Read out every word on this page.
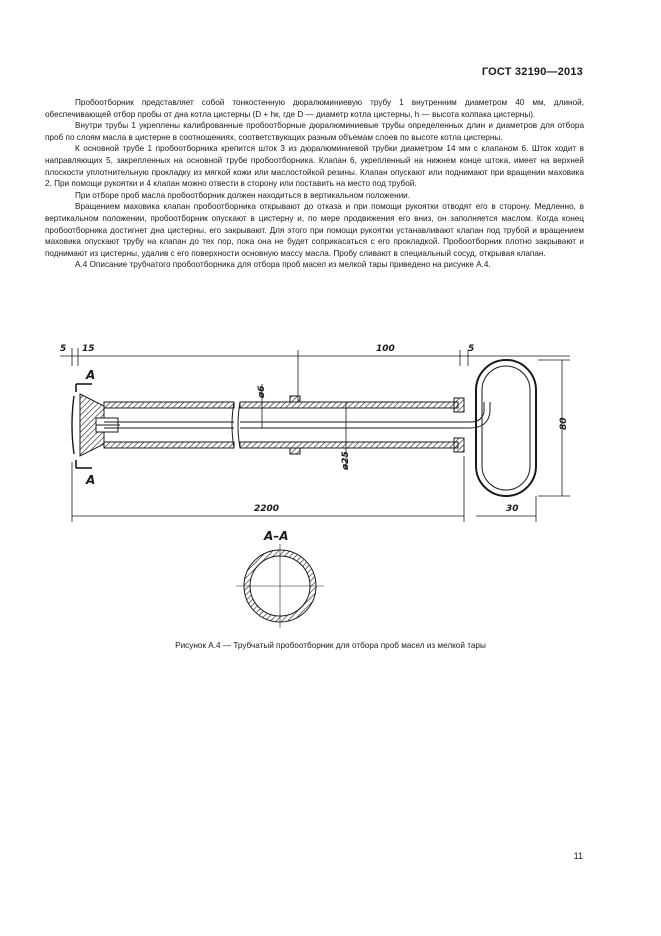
ГОСТ 32190—2013

Пробоотборник представляет собой тонкостенную дюралюминиевую трубу 1 внутренним диаметром 40 мм, длиной, обеспечивающей отбор пробы от дна котла цистерны (D + hк, где D — диаметр котла цистерны, h — высота колпака цистерны).

Внутри трубы 1 укреплены калиброванные пробоотборные дюралюминиевые трубы определенных длин и диаметров для отбора проб по слоям масла в цистерне в соотношениях, соответствующих разным объемам слоев по высоте котла цистерны.

К основной трубе 1 пробоотборника крепится шток 3 из дюралюминиевой трубки диаметром 14 мм с клапаном 6. Шток ходит в направляющих 5, закрепленных на основной трубе пробоотборника. Клапан 6, укрепленный на нижнем конце штока, имеет на верхней плоскости уплотнительную прокладку из мягкой кожи или маслостойкой резины. Клапан опускают или поднимают при вращении маховика 2. При помощи рукоятки и 4 клапан можно отвести в сторону или поставить на место под трубой.

При отборе проб масла пробоотборник должен находиться в вертикальном положении.

Вращением маховика клапан пробоотборника открывают до отказа и при помощи рукоятки отводят его в сторону. Медленно, в вертикальном положении, пробоотборник опускают в цистерну и, по мере продвижения его вниз, он заполняется маслом. Когда конец пробоотборника достигнет дна цистерны, его закрывают. Для этого при помощи рукоятки устанавливают клапан под трубой и вращением маховика опускают трубу на клапан до тех пор, пока она не будет соприкасаться с его прокладкой. Пробоотборник плотно закрывают и поднимают из цистерны, удалив с его поверхности основную массу масла. Пробу сливают в специальный сосуд, открывая клапан.

А.4 Описание трубчатого пробоотборника для отбора проб масел из мелкой тары приведено на рисунке А.4.

5 15	100	5
А
А
ø6
ø25
80
2200	30
А–А
Рисунок А.4 — Трубчатый пробоотборник для отбора проб масел из мелкой тары
11
